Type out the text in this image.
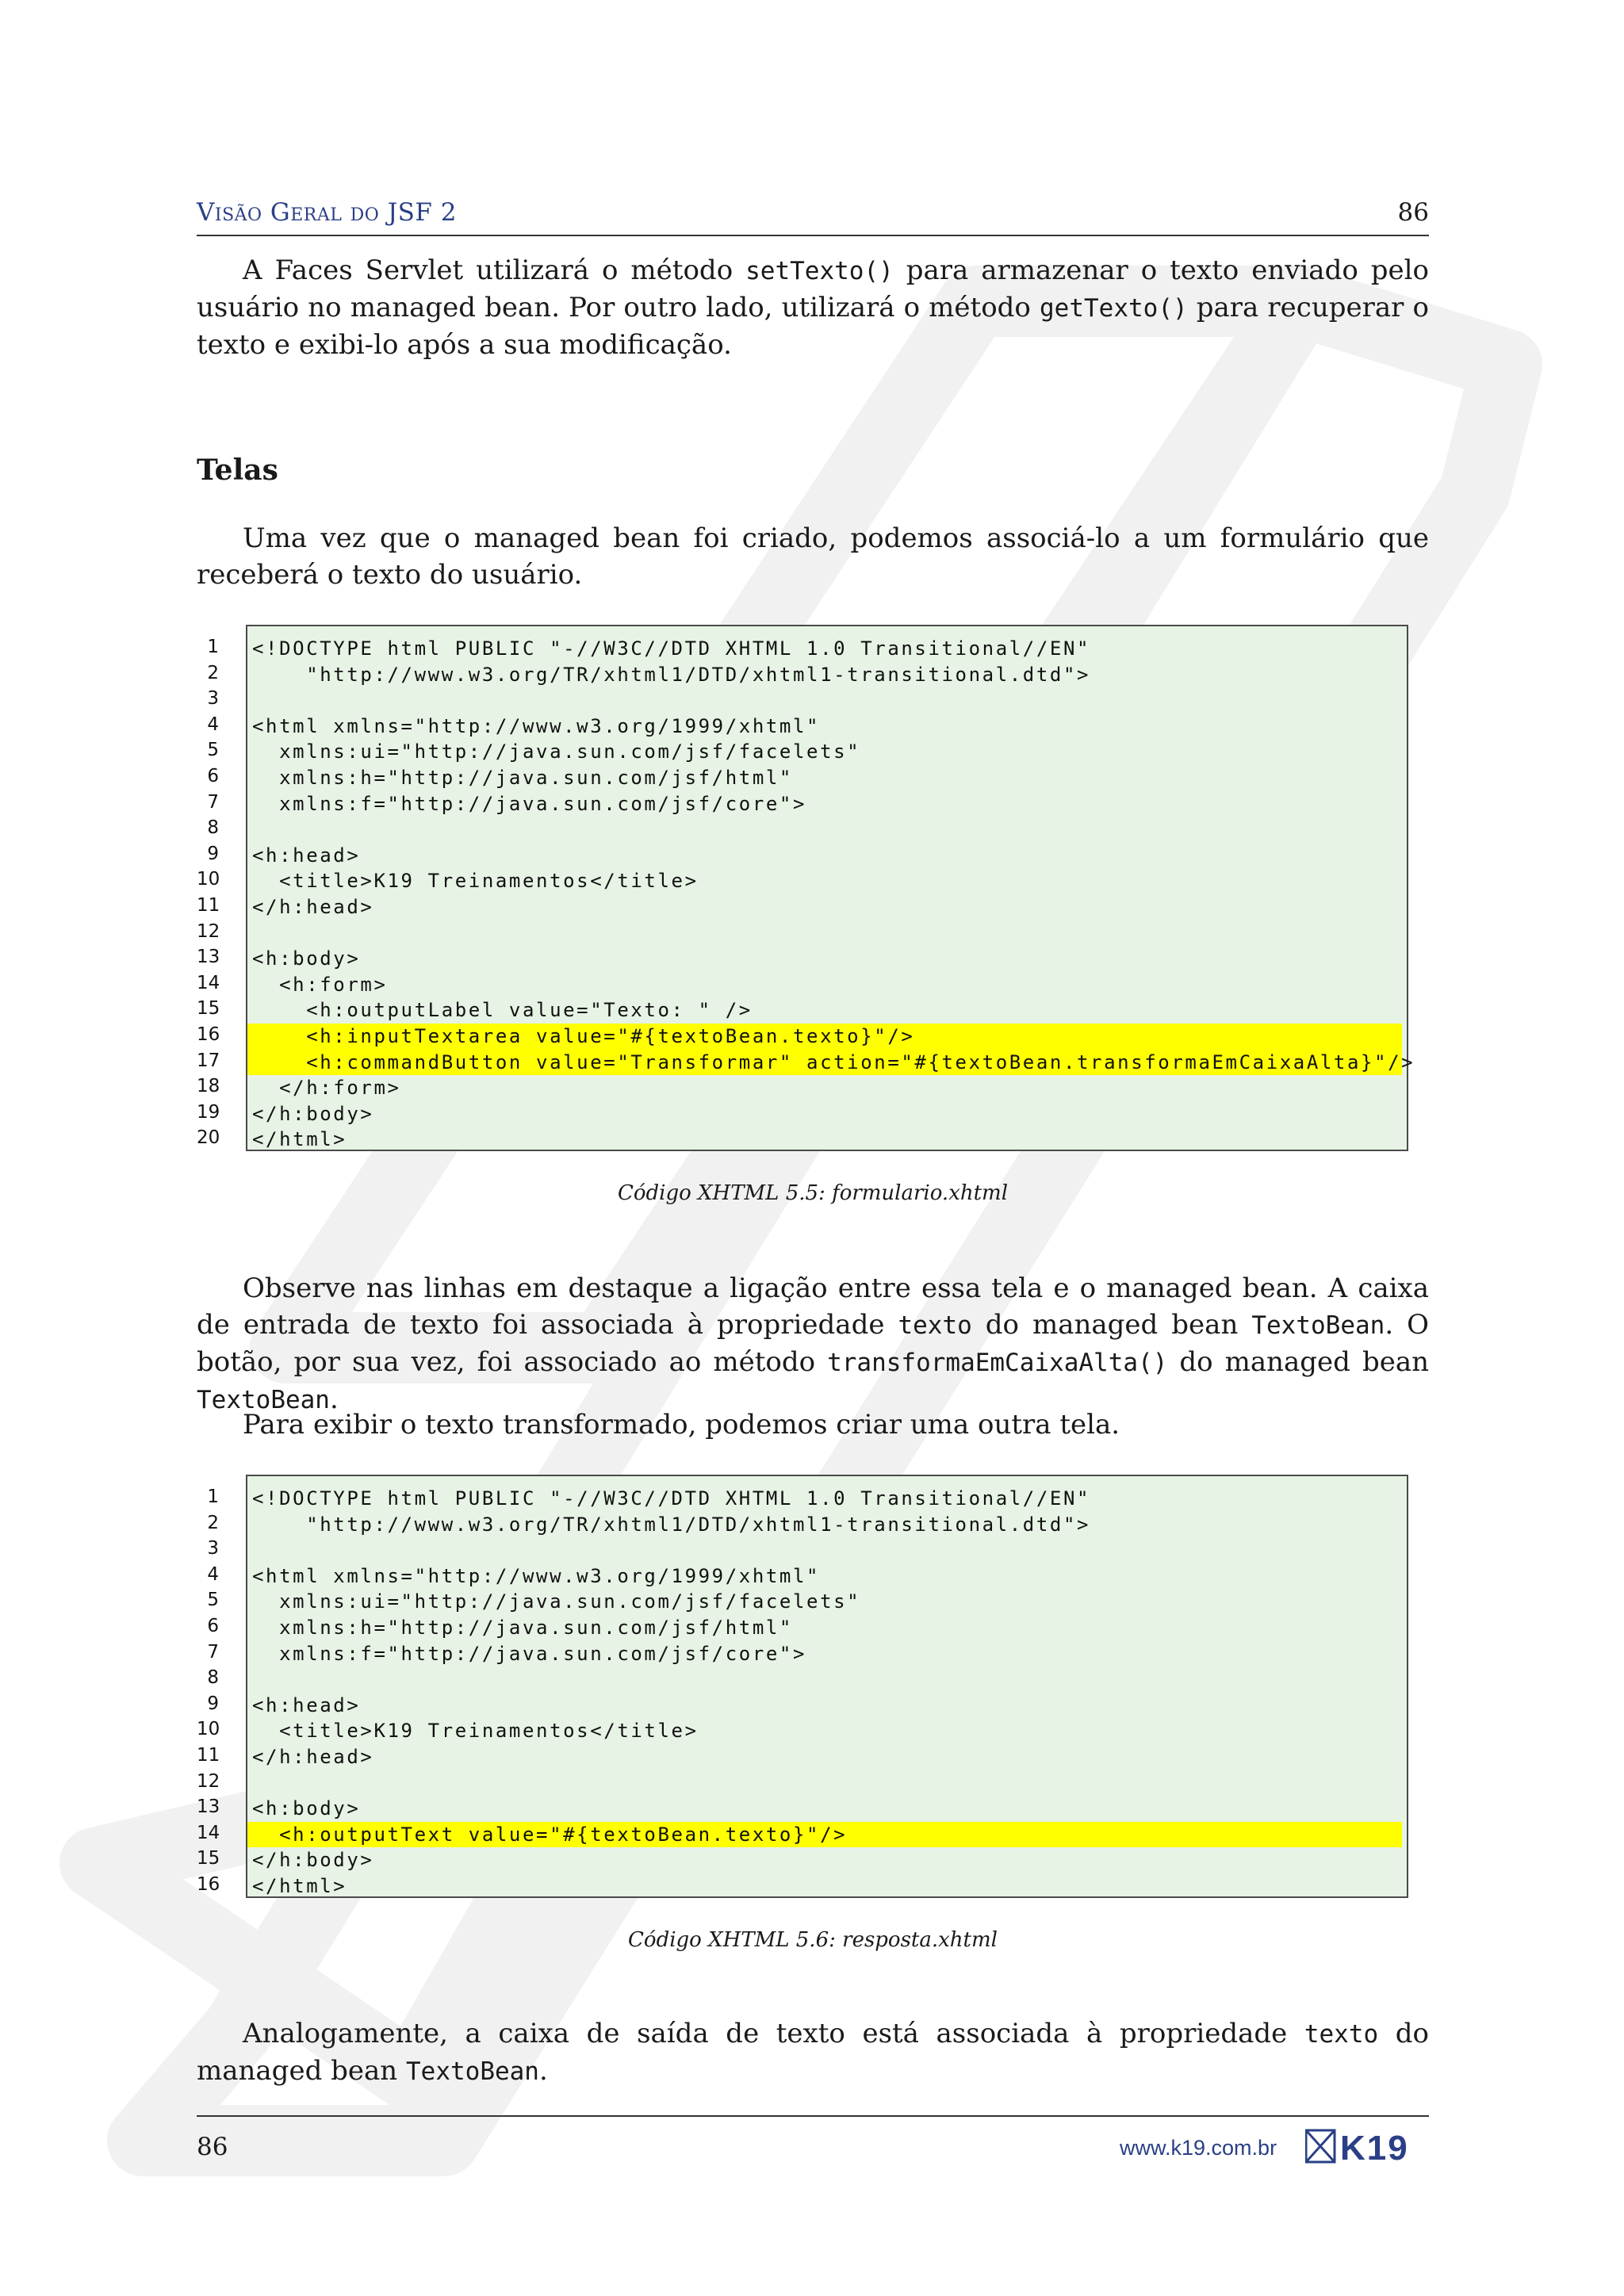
Visão Geral do JSF 2	86

A Faces Servlet utilizará o método setTexto() para armazenar o texto enviado pelo usuário no managed bean. Por outro lado, utilizará o método getTexto() para recuperar o texto e exibi-lo após a sua modificação.

Telas

Uma vez que o managed bean foi criado, podemos associá-lo a um formulário que receberá o texto do usuário.

1
2
3
4
5
6
7
8
9
10
11
12
13
14
15
16
17
18
19
20
<!DOCTYPE html PUBLIC "-//W3C//DTD XHTML 1.0 Transitional//EN"
"http://www.w3.org/TR/xhtml1/DTD/xhtml1-transitional.dtd">
<html xmlns="http://www.w3.org/1999/xhtml"
xmlns:ui="http://java.sun.com/jsf/facelets"
xmlns:h="http://java.sun.com/jsf/html"
xmlns:f="http://java.sun.com/jsf/core">
<h:head>
<title>K19 Treinamentos</title>
</h:head>
<h:body>
<h:form>
<h:outputLabel value="Texto: " />
<h:inputTextarea value="#{textoBean.texto}"/>
<h:commandButton value="Transformar" action="#{textoBean.transformaEmCaixaAlta}"/>
</h:form>
</h:body>
</html>

Código XHTML 5.5: formulario.xhtml

Observe nas linhas em destaque a ligação entre essa tela e o managed bean. A caixa de entrada de texto foi associada à propriedade texto do managed bean TextoBean. O botão, por sua vez, foi associado ao método transformaEmCaixaAlta() do managed bean TextoBean.

Para exibir o texto transformado, podemos criar uma outra tela.

1
2
3
4
5
6
7
8
9
10
11
12
13
14
15
16
<!DOCTYPE html PUBLIC "-//W3C//DTD XHTML 1.0 Transitional//EN"
"http://www.w3.org/TR/xhtml1/DTD/xhtml1-transitional.dtd">
<html xmlns="http://www.w3.org/1999/xhtml"
xmlns:ui="http://java.sun.com/jsf/facelets"
xmlns:h="http://java.sun.com/jsf/html"
xmlns:f="http://java.sun.com/jsf/core">
<h:head>
<title>K19 Treinamentos</title>
</h:head>
<h:body>
<h:outputText value="#{textoBean.texto}"/>
</h:body>
</html>

Código XHTML 5.6: resposta.xhtml

Analogamente, a caixa de saída de texto está associada à propriedade texto do managed bean TextoBean.

86	www.k19.com.br K19
